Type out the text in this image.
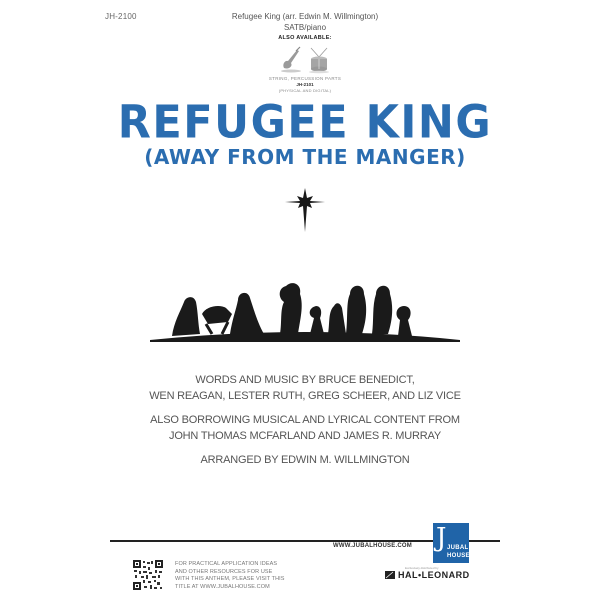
JH-2100	Refugee King (arr. Edwin M. Willmington)
SATB/piano
ALSO AVAILABLE:
STRING, PERCUSSION PARTS
JH-2101
(PHYSICAL AND DIGITAL)
REFUGEE KING
(AWAY FROM THE MANGER)
WORDS AND MUSIC BY BRUCE BENEDICT,
WEN REAGAN, LESTER RUTH, GREG SCHEER, AND LIZ VICE
ALSO BORROWING MUSICAL AND LYRICAL CONTENT FROM
JOHN THOMAS MCFARLAND AND JAMES R. MURRAY
ARRANGED BY EDWIN M. WILLMINGTON
WWW.JUBALHOUSE.COM J JUBAL
HOUSE
Exclusively distributed by
HAL•LEONARD
FOR PRACTICAL APPLICATION IDEAS
AND OTHER RESOURCES FOR USE
WITH THIS ANTHEM, PLEASE VISIT THIS
TITLE AT WWW.JUBALHOUSE.COM
